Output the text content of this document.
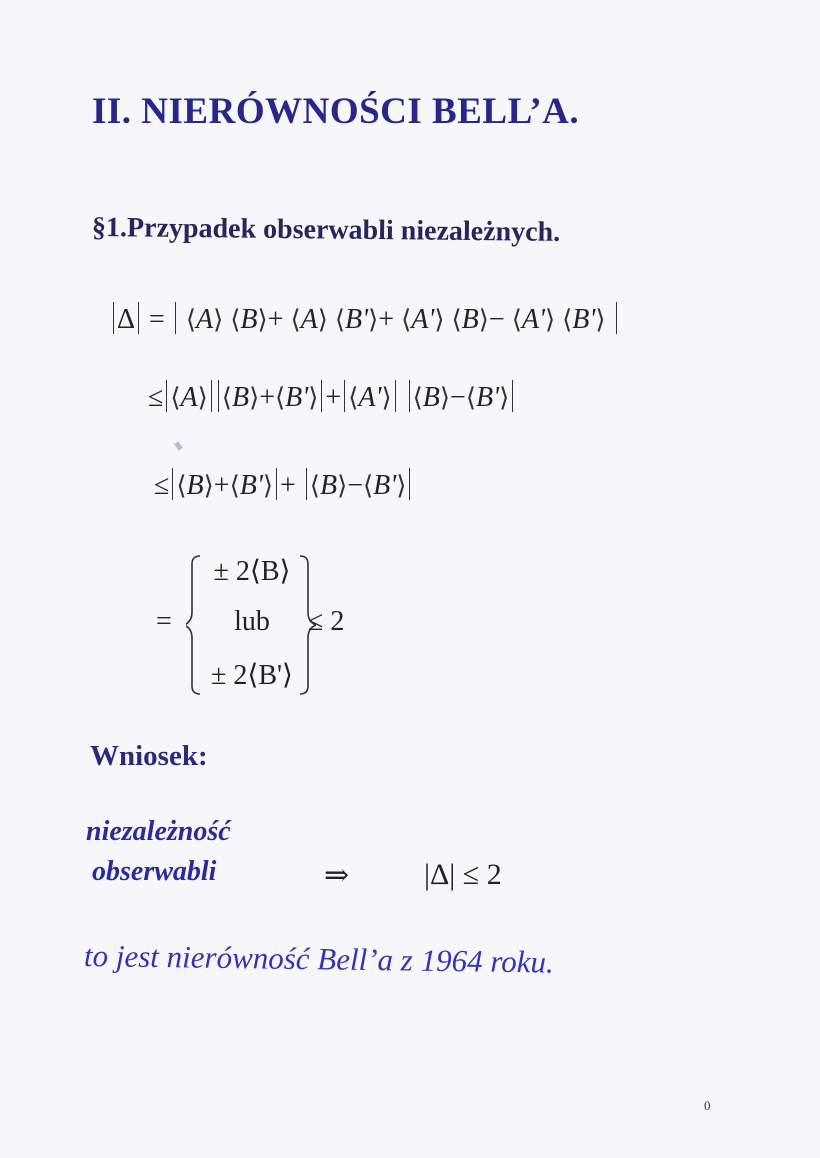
II. NIERÓWNOŚCI BELL’A.
§1.Przypadek obserwabli niezależnych.
Δ = ⟨A⟩ ⟨B⟩+ ⟨A⟩ ⟨B'⟩+ ⟨A'⟩ ⟨B⟩− ⟨A'⟩ ⟨B'⟩
≤ ⟨A⟩ ⟨B⟩+⟨B'⟩ + ⟨A'⟩ ⟨B⟩−⟨B'⟩
≤ ⟨B⟩+⟨B'⟩ + ⟨B⟩−⟨B'⟩
=
± 2⟨B⟩
lub
± 2⟨B'⟩
≤ 2
Wniosek:
niezależność
obserwabli	⇒ |Δ| ≤ 2
to jest nierówność Bell’a z 1964 roku.
0
